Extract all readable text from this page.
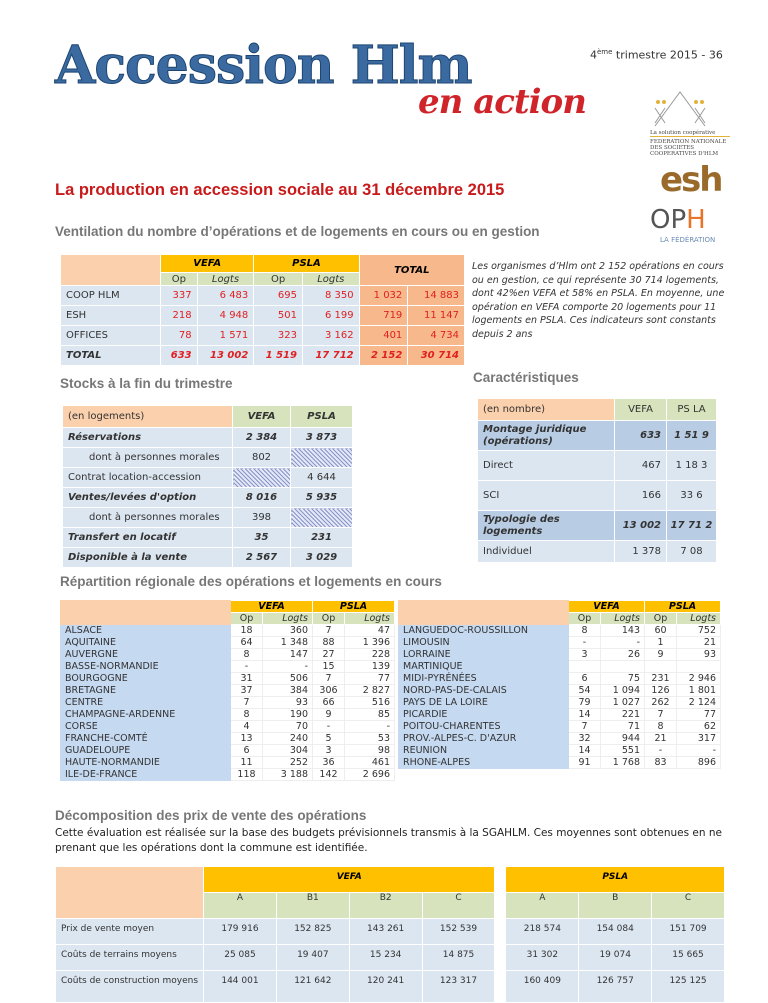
Accession Hlm
en action
4ème trimestre 2015 - 36
La solution coopérative
FEDERATION NATIONALE DES SOCIETES COOPERATIVES D'HLM
esh
OPH
LA FÉDÉRATION
La production en accession sociale au 31 décembre 2015
Ventilation du nombre d’opérations et de logements en cours ou en gestion
	VEFA		PSLA		TOTAL	
	Op	Logts	Op	Logts		
COOP HLM	337	6 483	695	8 350	1 032	14 883
ESH	218	4 948	501	6 199	719	11 147
OFFICES	78	1 571	323	3 162	401	4 734
TOTAL	633	13 002	1 519	17 712	2 152	30 714
Les organismes d’Hlm ont 2 152 opérations en cours ou en gestion, ce qui représente 30 714 logements, dont 42%en VEFA et 58% en PSLA. En moyenne, une opération en VEFA comporte 20 logements pour 11 logements en PSLA. Ces indicateurs sont constants depuis 2 ans
Stocks à la fin du trimestre
(en logements)	VEFA	PSLA
Réservations	2 384	3 873
dont à personnes morales	802	
Contrat location-accession		4 644
Ventes/levées d'option	8 016	5 935
dont à personnes morales	398	
Transfert en locatif	35	231
Disponible à la vente	2 567	3 029
Caractéristiques
(en nombre)	VEFA	PS LA
Montage juridique (opérations)	633	1 51 9
Direct	467	1 18 3
SCI	166	33 6
Typologie des logements	13 002	17 71 2
Individuel	1 378	7 08
Répartition régionale des opérations et logements en cours
	VEFA		PSLA	
	Op	Logts	Op	Logts
ALSACE	18	360	7	47
AQUITAINE	64	1 348	88	1 396
AUVERGNE	8	147	27	228
BASSE-NORMANDIE	-	-	15	139
BOURGOGNE	31	506	7	77
BRETAGNE	37	384	306	2 827
CENTRE	7	93	66	516
CHAMPAGNE-ARDENNE	8	190	9	85
CORSE	4	70	-	-
FRANCHE-COMTÉ	13	240	5	53
GUADELOUPE	6	304	3	98
HAUTE-NORMANDIE	11	252	36	461
ILE-DE-FRANCE	118	3 188	142	2 696
	VEFA		PSLA	
	Op	Logts	Op	Logts
LANGUEDOC-ROUSSILLON	8	143	60	752
LIMOUSIN	-	-	1	21
LORRAINE	3	26	9	93
MARTINIQUE				
MIDI-PYRÉNÉES	6	75	231	2 946
NORD-PAS-DE-CALAIS	54	1 094	126	1 801
PAYS DE LA LOIRE	79	1 027	262	2 124
PICARDIE	14	221	7	77
POITOU-CHARENTES	7	71	8	62
PROV.-ALPES-C. D'AZUR	32	944	21	317
REUNION	14	551	-	-
RHONE-ALPES	91	1 768	83	896
Décomposition des prix de vente des opérations
Cette évaluation est réalisée sur la base des budgets prévisionnels transmis à la SGAHLM. Ces moyennes sont obtenues en ne prenant que les opérations dont la commune est identifiée.
	VEFA					PSLA		
	A	B1	B2	C		A	B	C
Prix de vente moyen	179 916	152 825	143 261	152 539		218 574	154 084	151 709
Coûts de terrains moyens	25 085	19 407	15 234	14 875		31 302	19 074	15 665
Coûts de construction moyens	144 001	121 642	120 241	123 317		160 409	126 757	125 125
